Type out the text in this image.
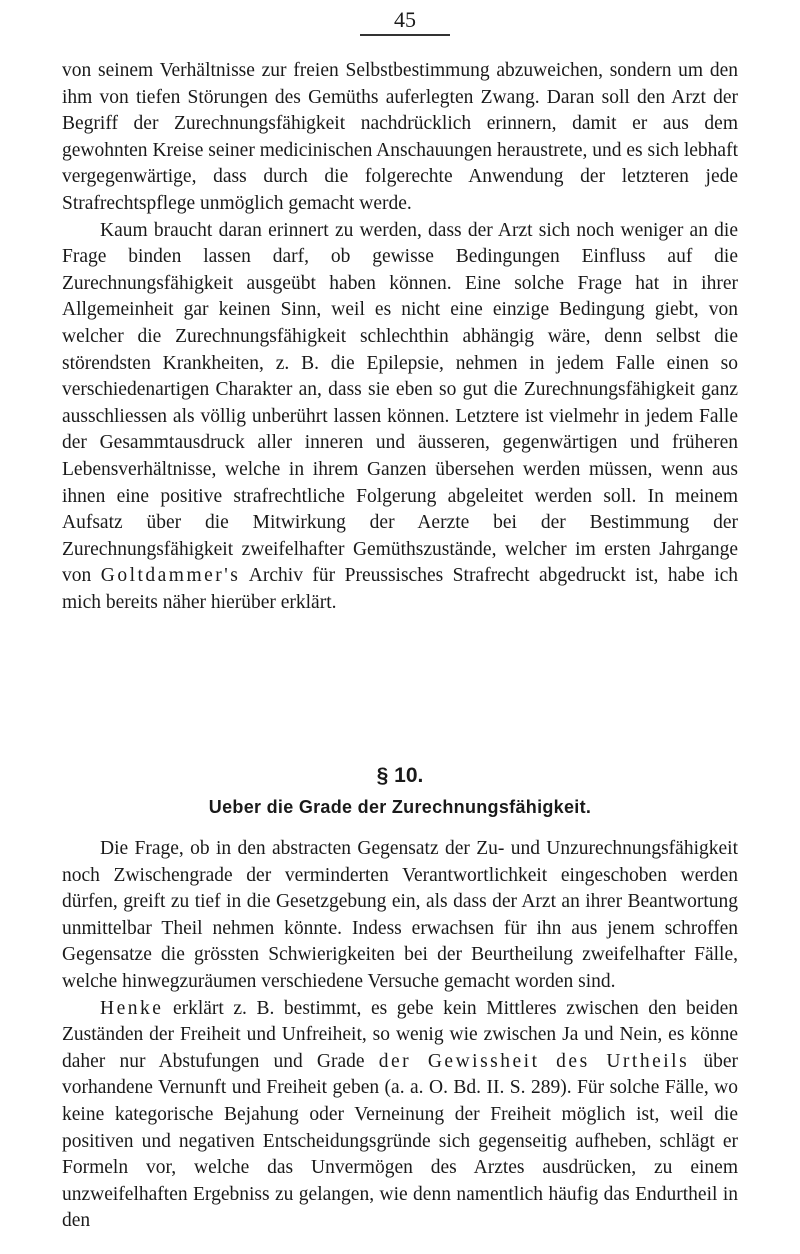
45

von seinem Verhältnisse zur freien Selbstbestimmung abzuweichen, sondern um den ihm von tiefen Störungen des Gemüths auferlegten Zwang. Daran soll den Arzt der Begriff der Zurechnungsfähigkeit nachdrücklich erinnern, damit er aus dem gewohnten Kreise seiner medicinischen Anschauungen heraustrete, und es sich lebhaft vergegenwärtige, dass durch die folgerechte Anwendung der letzteren jede Strafrechtspflege unmöglich gemacht werde.

Kaum braucht daran erinnert zu werden, dass der Arzt sich noch weniger an die Frage binden lassen darf, ob gewisse Bedingungen Einfluss auf die Zurechnungsfähigkeit ausgeübt haben können. Eine solche Frage hat in ihrer Allgemeinheit gar keinen Sinn, weil es nicht eine einzige Bedingung giebt, von welcher die Zurechnungsfähigkeit schlechthin abhängig wäre, denn selbst die störendsten Krankheiten, z. B. die Epilepsie, nehmen in jedem Falle einen so verschiedenartigen Charakter an, dass sie eben so gut die Zurechnungsfähigkeit ganz ausschliessen als völlig unberührt lassen können. Letztere ist vielmehr in jedem Falle der Gesammtausdruck aller inneren und äusseren, gegenwärtigen und früheren Lebensverhältnisse, welche in ihrem Ganzen übersehen werden müssen, wenn aus ihnen eine positive strafrechtliche Folgerung abgeleitet werden soll. In meinem Aufsatz über die Mitwirkung der Aerzte bei der Bestimmung der Zurechnungsfähigkeit zweifelhafter Gemüthszustände, welcher im ersten Jahrgange von Goltdammer's Archiv für Preussisches Strafrecht abgedruckt ist, habe ich mich bereits näher hierüber erklärt.

§ 10.
Ueber die Grade der Zurechnungsfähigkeit.

Die Frage, ob in den abstracten Gegensatz der Zu- und Unzurechnungsfähigkeit noch Zwischengrade der verminderten Verantwortlichkeit eingeschoben werden dürfen, greift zu tief in die Gesetzgebung ein, als dass der Arzt an ihrer Beantwortung unmittelbar Theil nehmen könnte. Indess erwachsen für ihn aus jenem schroffen Gegensatze die grössten Schwierigkeiten bei der Beurtheilung zweifelhafter Fälle, welche hinwegzuräumen verschiedene Versuche gemacht worden sind.

Henke erklärt z. B. bestimmt, es gebe kein Mittleres zwischen den beiden Zuständen der Freiheit und Unfreiheit, so wenig wie zwischen Ja und Nein, es könne daher nur Abstufungen und Grade der Gewissheit des Urtheils über vorhandene Vernunft und Freiheit geben (a. a. O. Bd. II. S. 289). Für solche Fälle, wo keine kategorische Bejahung oder Verneinung der Freiheit möglich ist, weil die positiven und negativen Entscheidungsgründe sich gegenseitig aufheben, schlägt er Formeln vor, welche das Unvermögen des Arztes ausdrücken, zu einem unzweifelhaften Ergebniss zu gelangen, wie denn namentlich häufig das Endurtheil in den
